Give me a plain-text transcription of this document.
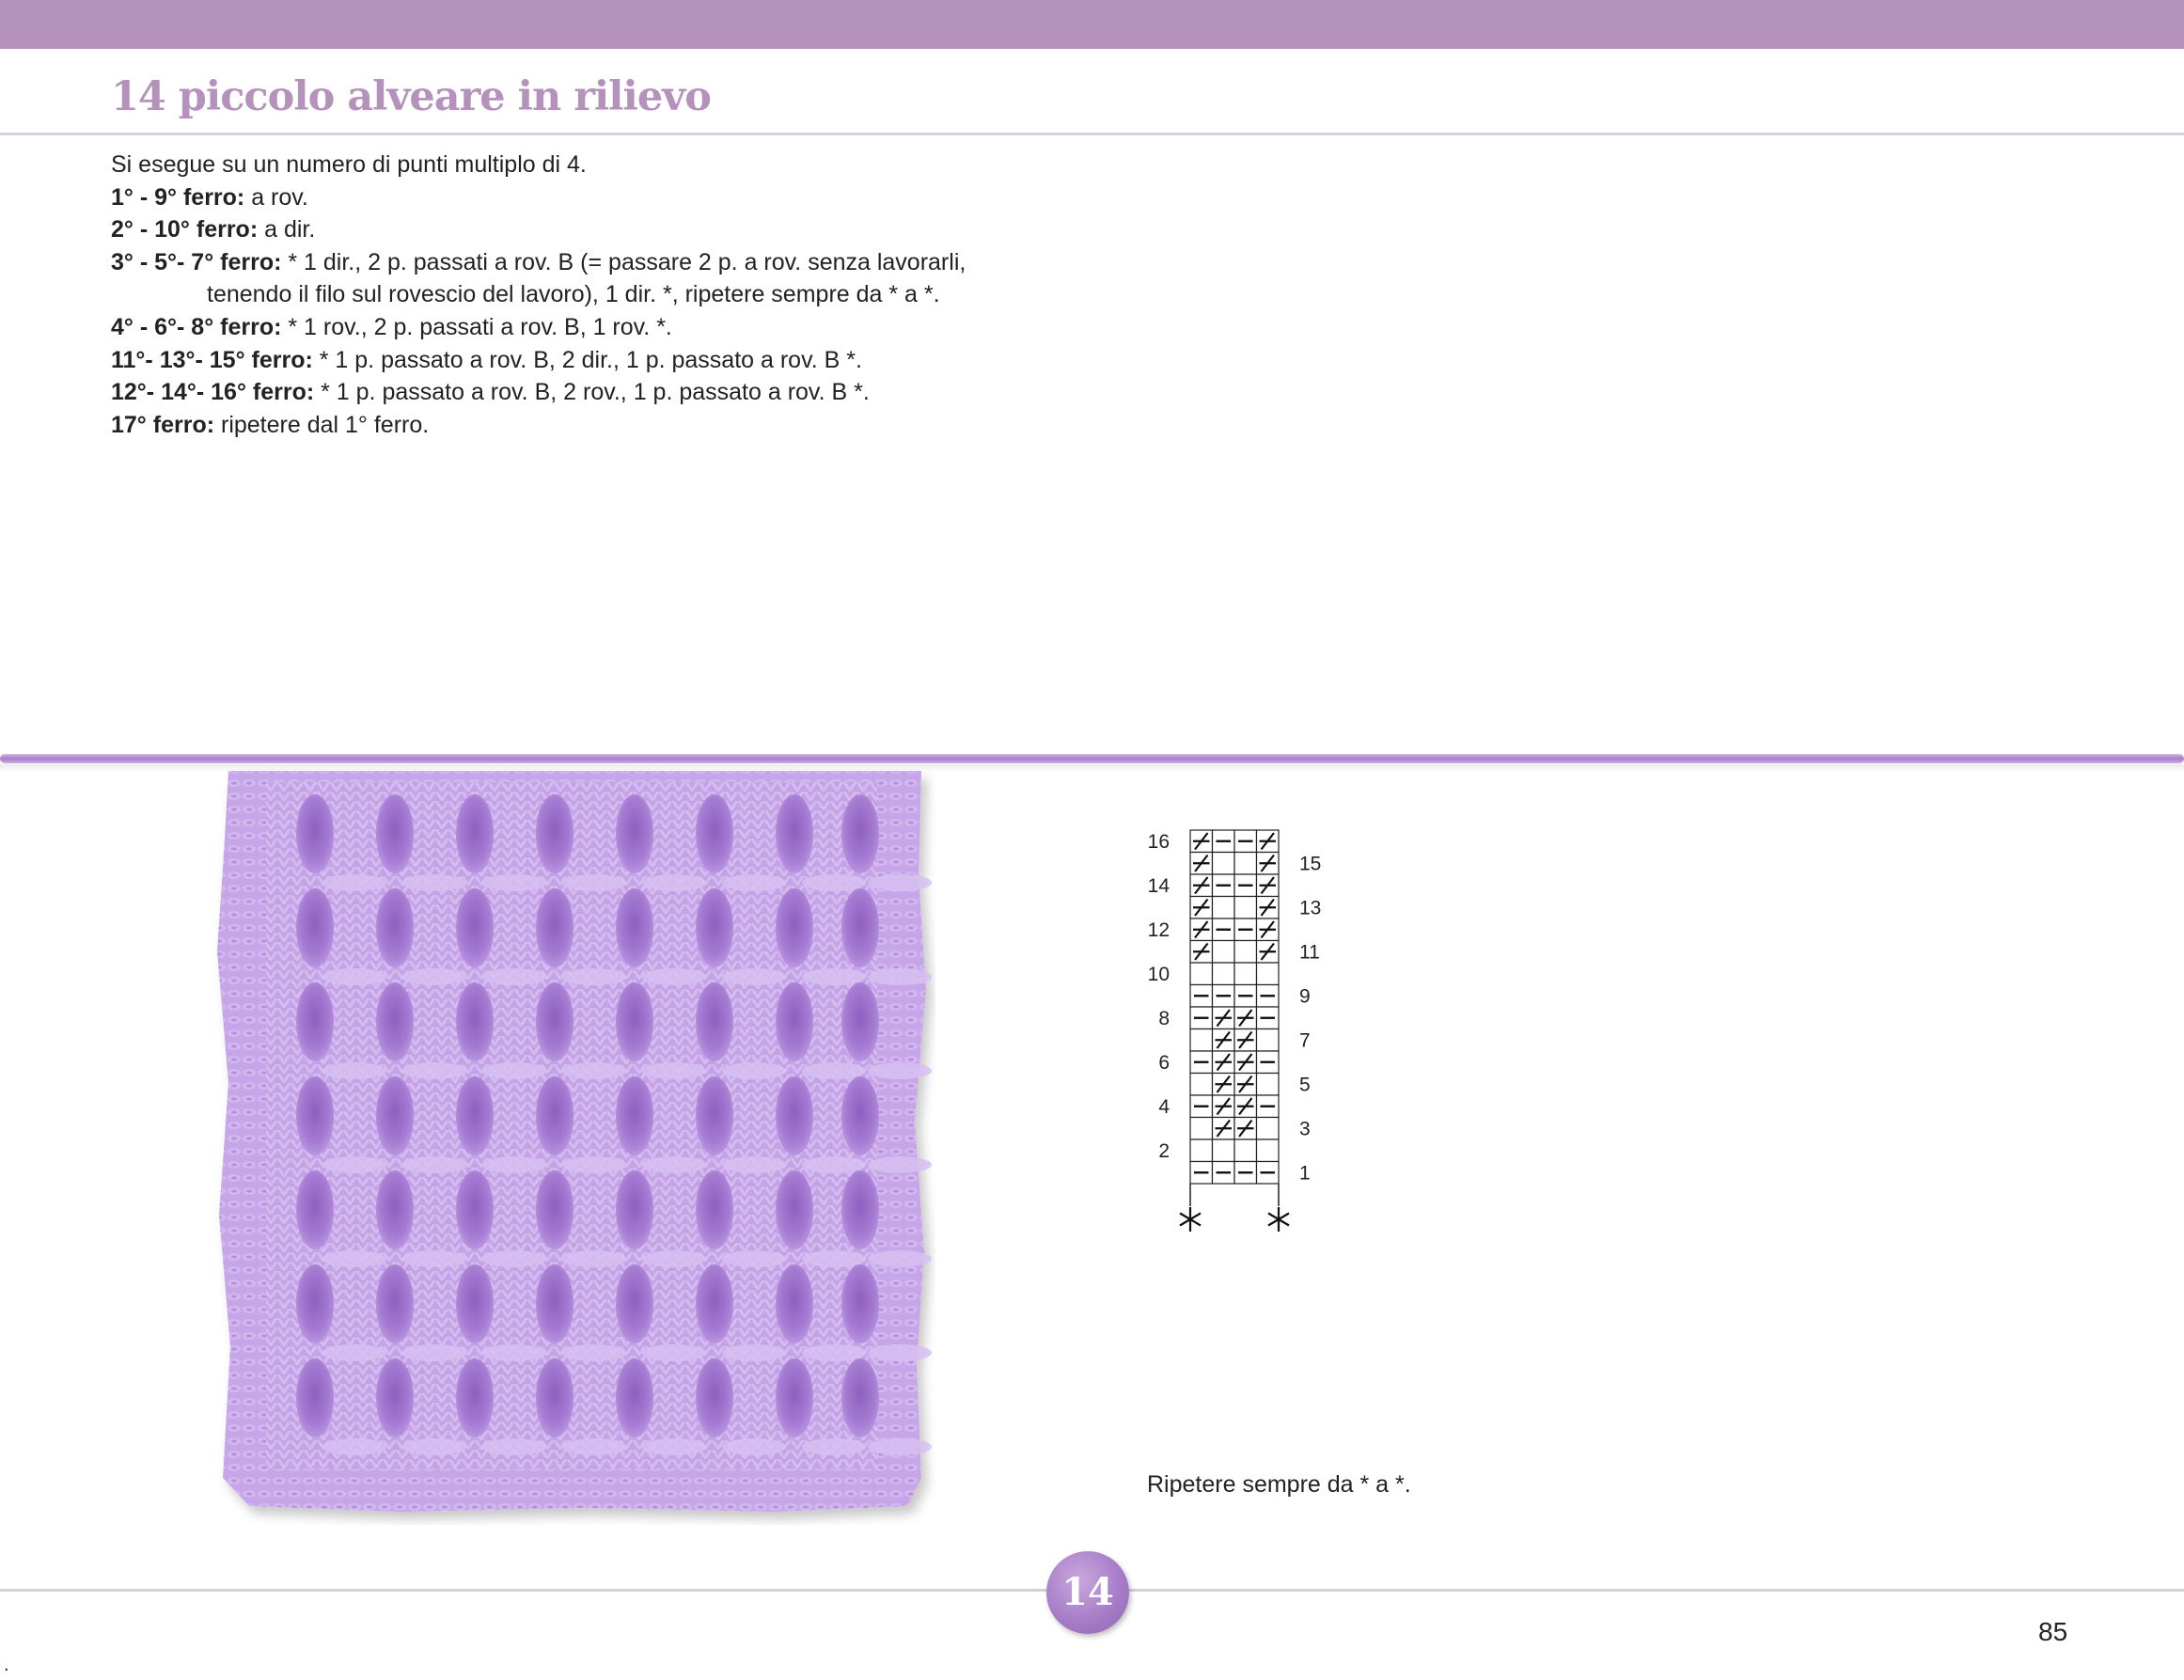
14 piccolo alveare in rilievo
Si esegue su un numero di punti multiplo di 4.
1° - 9° ferro: a rov.
2° - 10° ferro: a dir.
3° - 5°- 7° ferro: * 1 dir., 2 p. passati a rov. B (= passare 2 p. a rov. senza lavorarli,
tenendo il filo sul rovescio del lavoro), 1 dir. *, ripetere sempre da * a *.
4° - 6°- 8° ferro: * 1 rov., 2 p. passati a rov. B, 1 rov. *.
11°- 13°- 15° ferro: * 1 p. passato a rov. B, 2 dir., 1 p. passato a rov. B *.
12°- 14°- 16° ferro: * 1 p. passato a rov. B, 2 rov., 1 p. passato a rov. B *.
17° ferro: ripetere dal 1° ferro.
16
14
12
10
8
6
4
2
15
13
11
9
7
5
3
1

Ripetere sempre da * a *.

14
85
.
